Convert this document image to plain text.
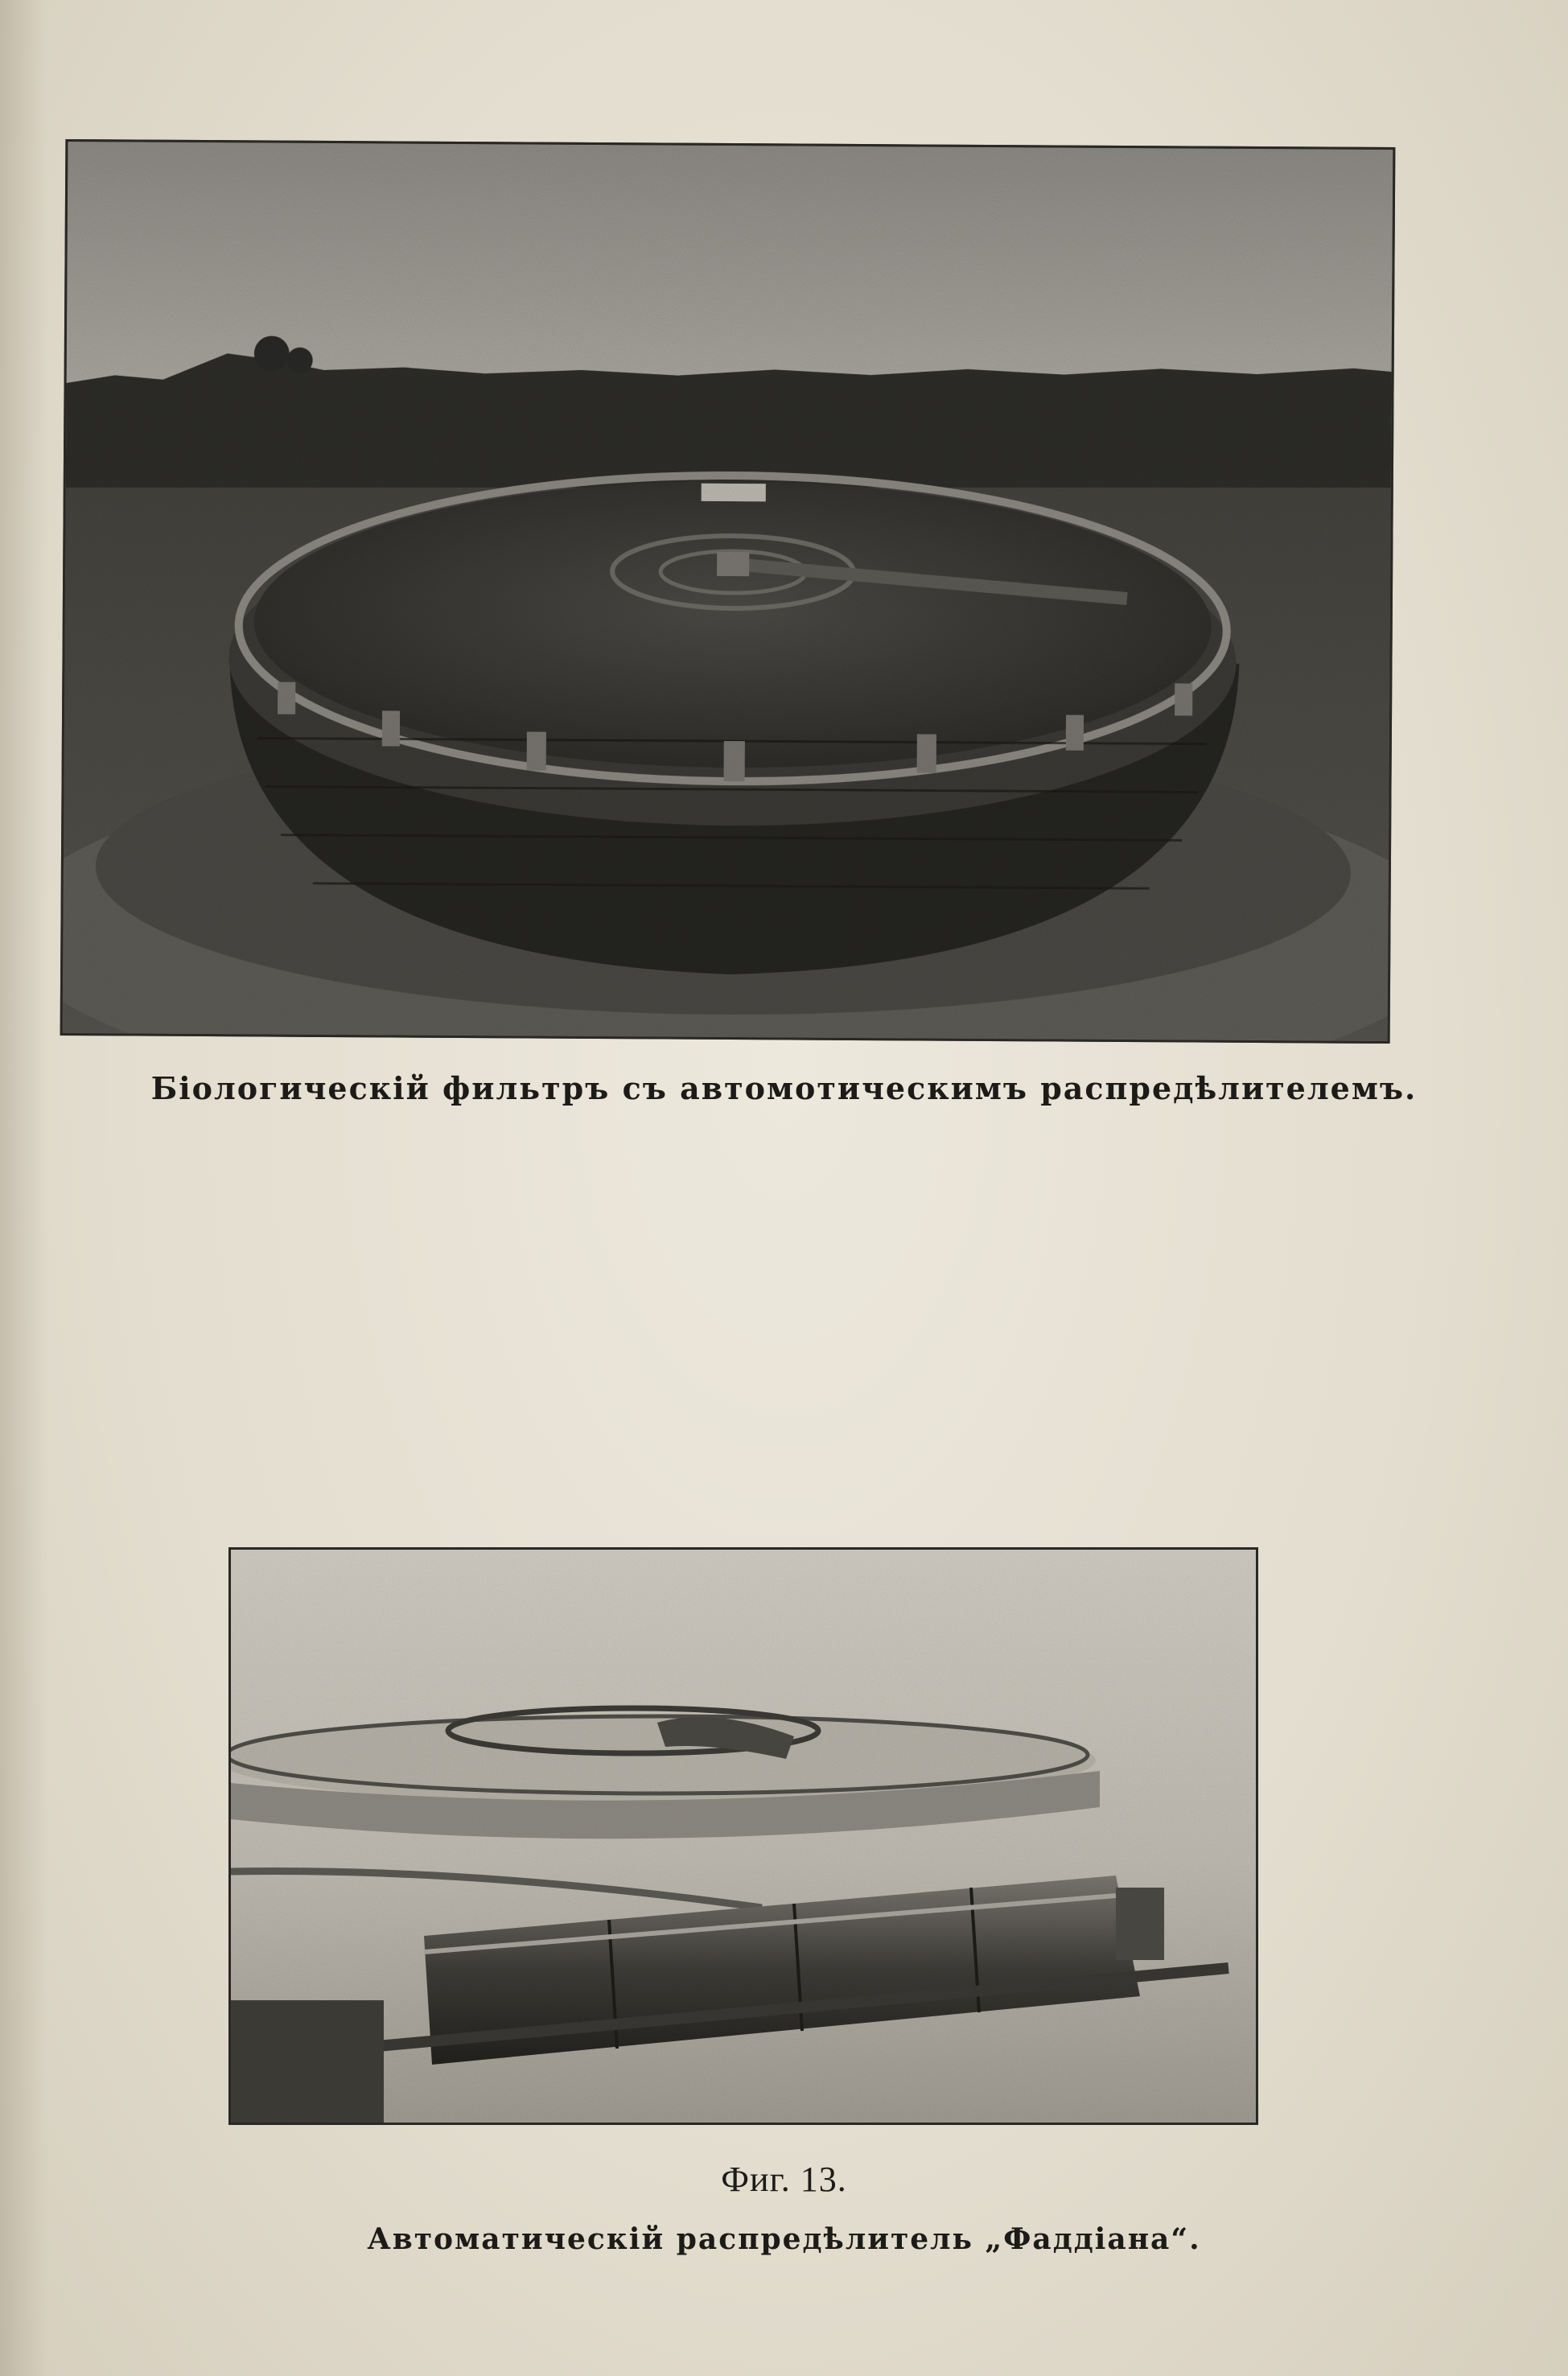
Біологическій фильтръ съ автомотическимъ распредѣлителемъ.
Фиг. 13.
Автоматическій распредѣлитель „Фаддіана“.
